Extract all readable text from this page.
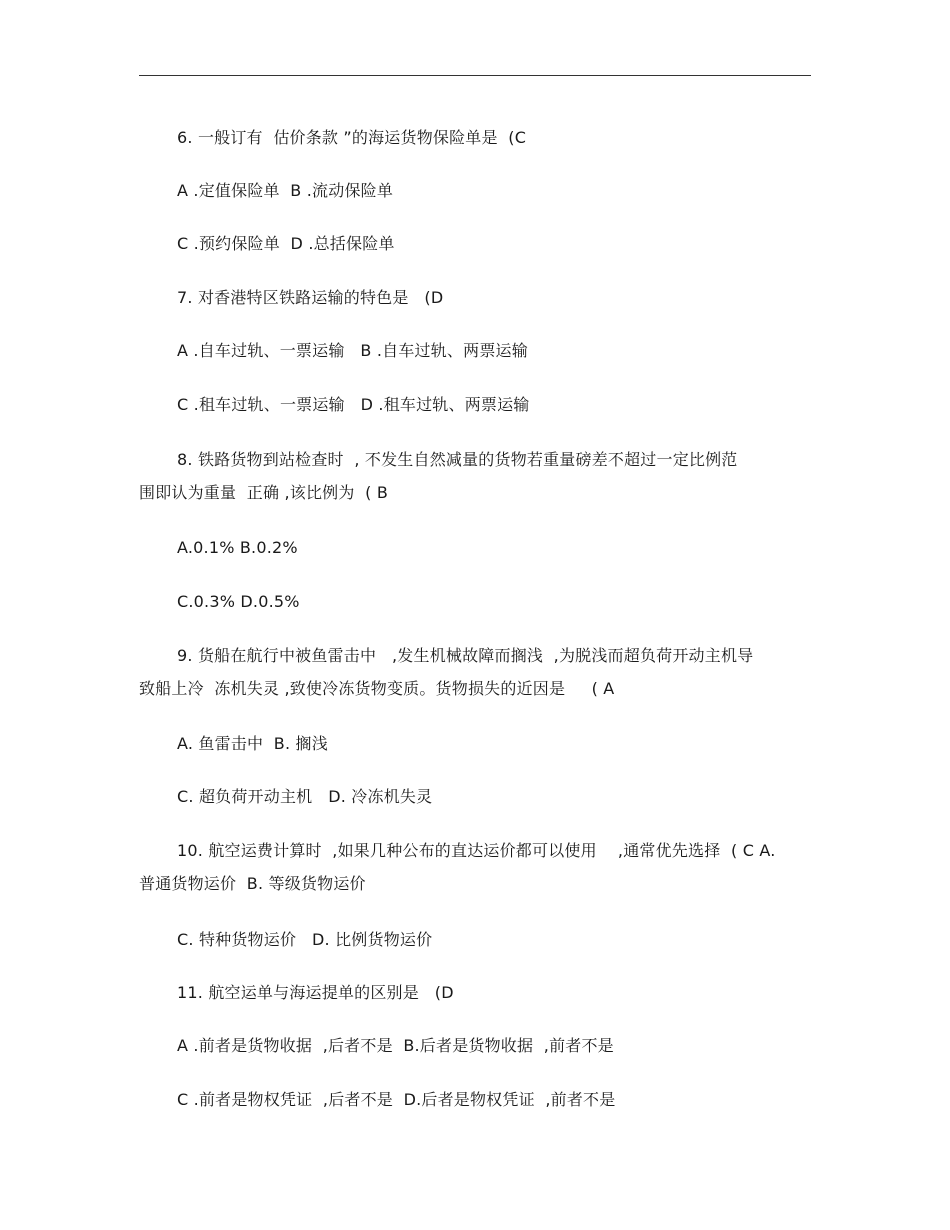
6. 一般订有  估价条款 ”的海运货物保险单是  (C
A .定值保险单  B .流动保险单
C .预约保险单  D .总括保险单
7. 对香港特区铁路运输的特色是   (D
A .自车过轨、一票运输   B .自车过轨、两票运输
C .租车过轨、一票运输   D .租车过轨、两票运输
8. 铁路货物到站检查时  , 不发生自然减量的货物若重量磅差不超过一定比例范
围即认为重量  正确 ,该比例为  ( B
A.0.1% B.0.2%
C.0.3% D.0.5%
9. 货船在航行中被鱼雷击中   ,发生机械故障而搁浅  ,为脱浅而超负荷开动主机导
致船上冷  冻机失灵 ,致使冷冻货物变质。货物损失的近因是     ( A
A. 鱼雷击中  B. 搁浅
C. 超负荷开动主机   D. 冷冻机失灵
10. 航空运费计算时  ,如果几种公布的直达运价都可以使用    ,通常优先选择  ( C A.
普通货物运价  B. 等级货物运价
C. 特种货物运价   D. 比例货物运价
11. 航空运单与海运提单的区别是   (D
A .前者是货物收据  ,后者不是  B.后者是货物收据  ,前者不是
C .前者是物权凭证  ,后者不是  D.后者是物权凭证  ,前者不是
